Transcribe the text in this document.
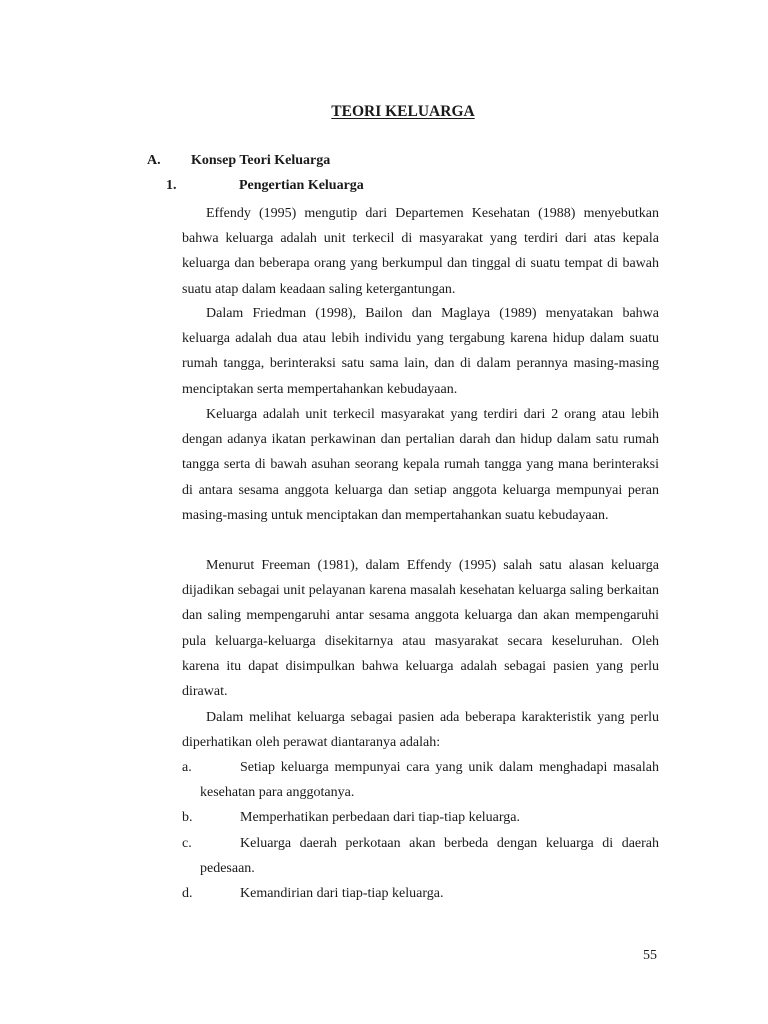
TEORI KELUARGA
A. Konsep Teori Keluarga
1.	Pengertian Keluarga

Effendy (1995) mengutip dari Departemen Kesehatan (1988) menyebutkan bahwa keluarga adalah unit terkecil di masyarakat yang terdiri dari atas kepala keluarga dan beberapa orang yang berkumpul dan tinggal di suatu tempat di bawah suatu atap dalam keadaan saling ketergantungan.

Dalam Friedman (1998), Bailon dan Maglaya (1989) menyatakan bahwa keluarga adalah dua atau lebih individu yang tergabung karena hidup dalam suatu rumah tangga, berinteraksi satu sama lain, dan di dalam perannya masing-masing menciptakan serta mempertahankan kebudayaan.

Keluarga adalah unit terkecil masyarakat yang terdiri dari 2 orang atau lebih dengan adanya ikatan perkawinan dan pertalian darah dan hidup dalam satu rumah tangga serta di bawah asuhan seorang kepala rumah tangga yang mana berinteraksi di antara sesama anggota keluarga dan setiap anggota keluarga mempunyai peran masing-masing untuk menciptakan dan mempertahankan suatu kebudayaan.

Menurut Freeman (1981), dalam Effendy (1995) salah satu alasan keluarga dijadikan sebagai unit pelayanan karena masalah kesehatan keluarga saling berkaitan dan saling mempengaruhi antar sesama anggota keluarga dan akan mempengaruhi pula keluarga-keluarga disekitarnya atau masyarakat secara keseluruhan. Oleh karena itu dapat disimpulkan bahwa keluarga adalah sebagai pasien yang perlu dirawat.

Dalam melihat keluarga sebagai pasien ada beberapa karakteristik yang perlu diperhatikan oleh perawat diantaranya adalah:

a.	Setiap keluarga mempunyai cara yang unik dalam menghadapi masalah kesehatan para anggotanya.
b.	Memperhatikan perbedaan dari tiap-tiap keluarga.
c.	Keluarga daerah perkotaan akan berbeda dengan keluarga di daerah pedesaan.
d.	Kemandirian dari tiap-tiap keluarga.
55
